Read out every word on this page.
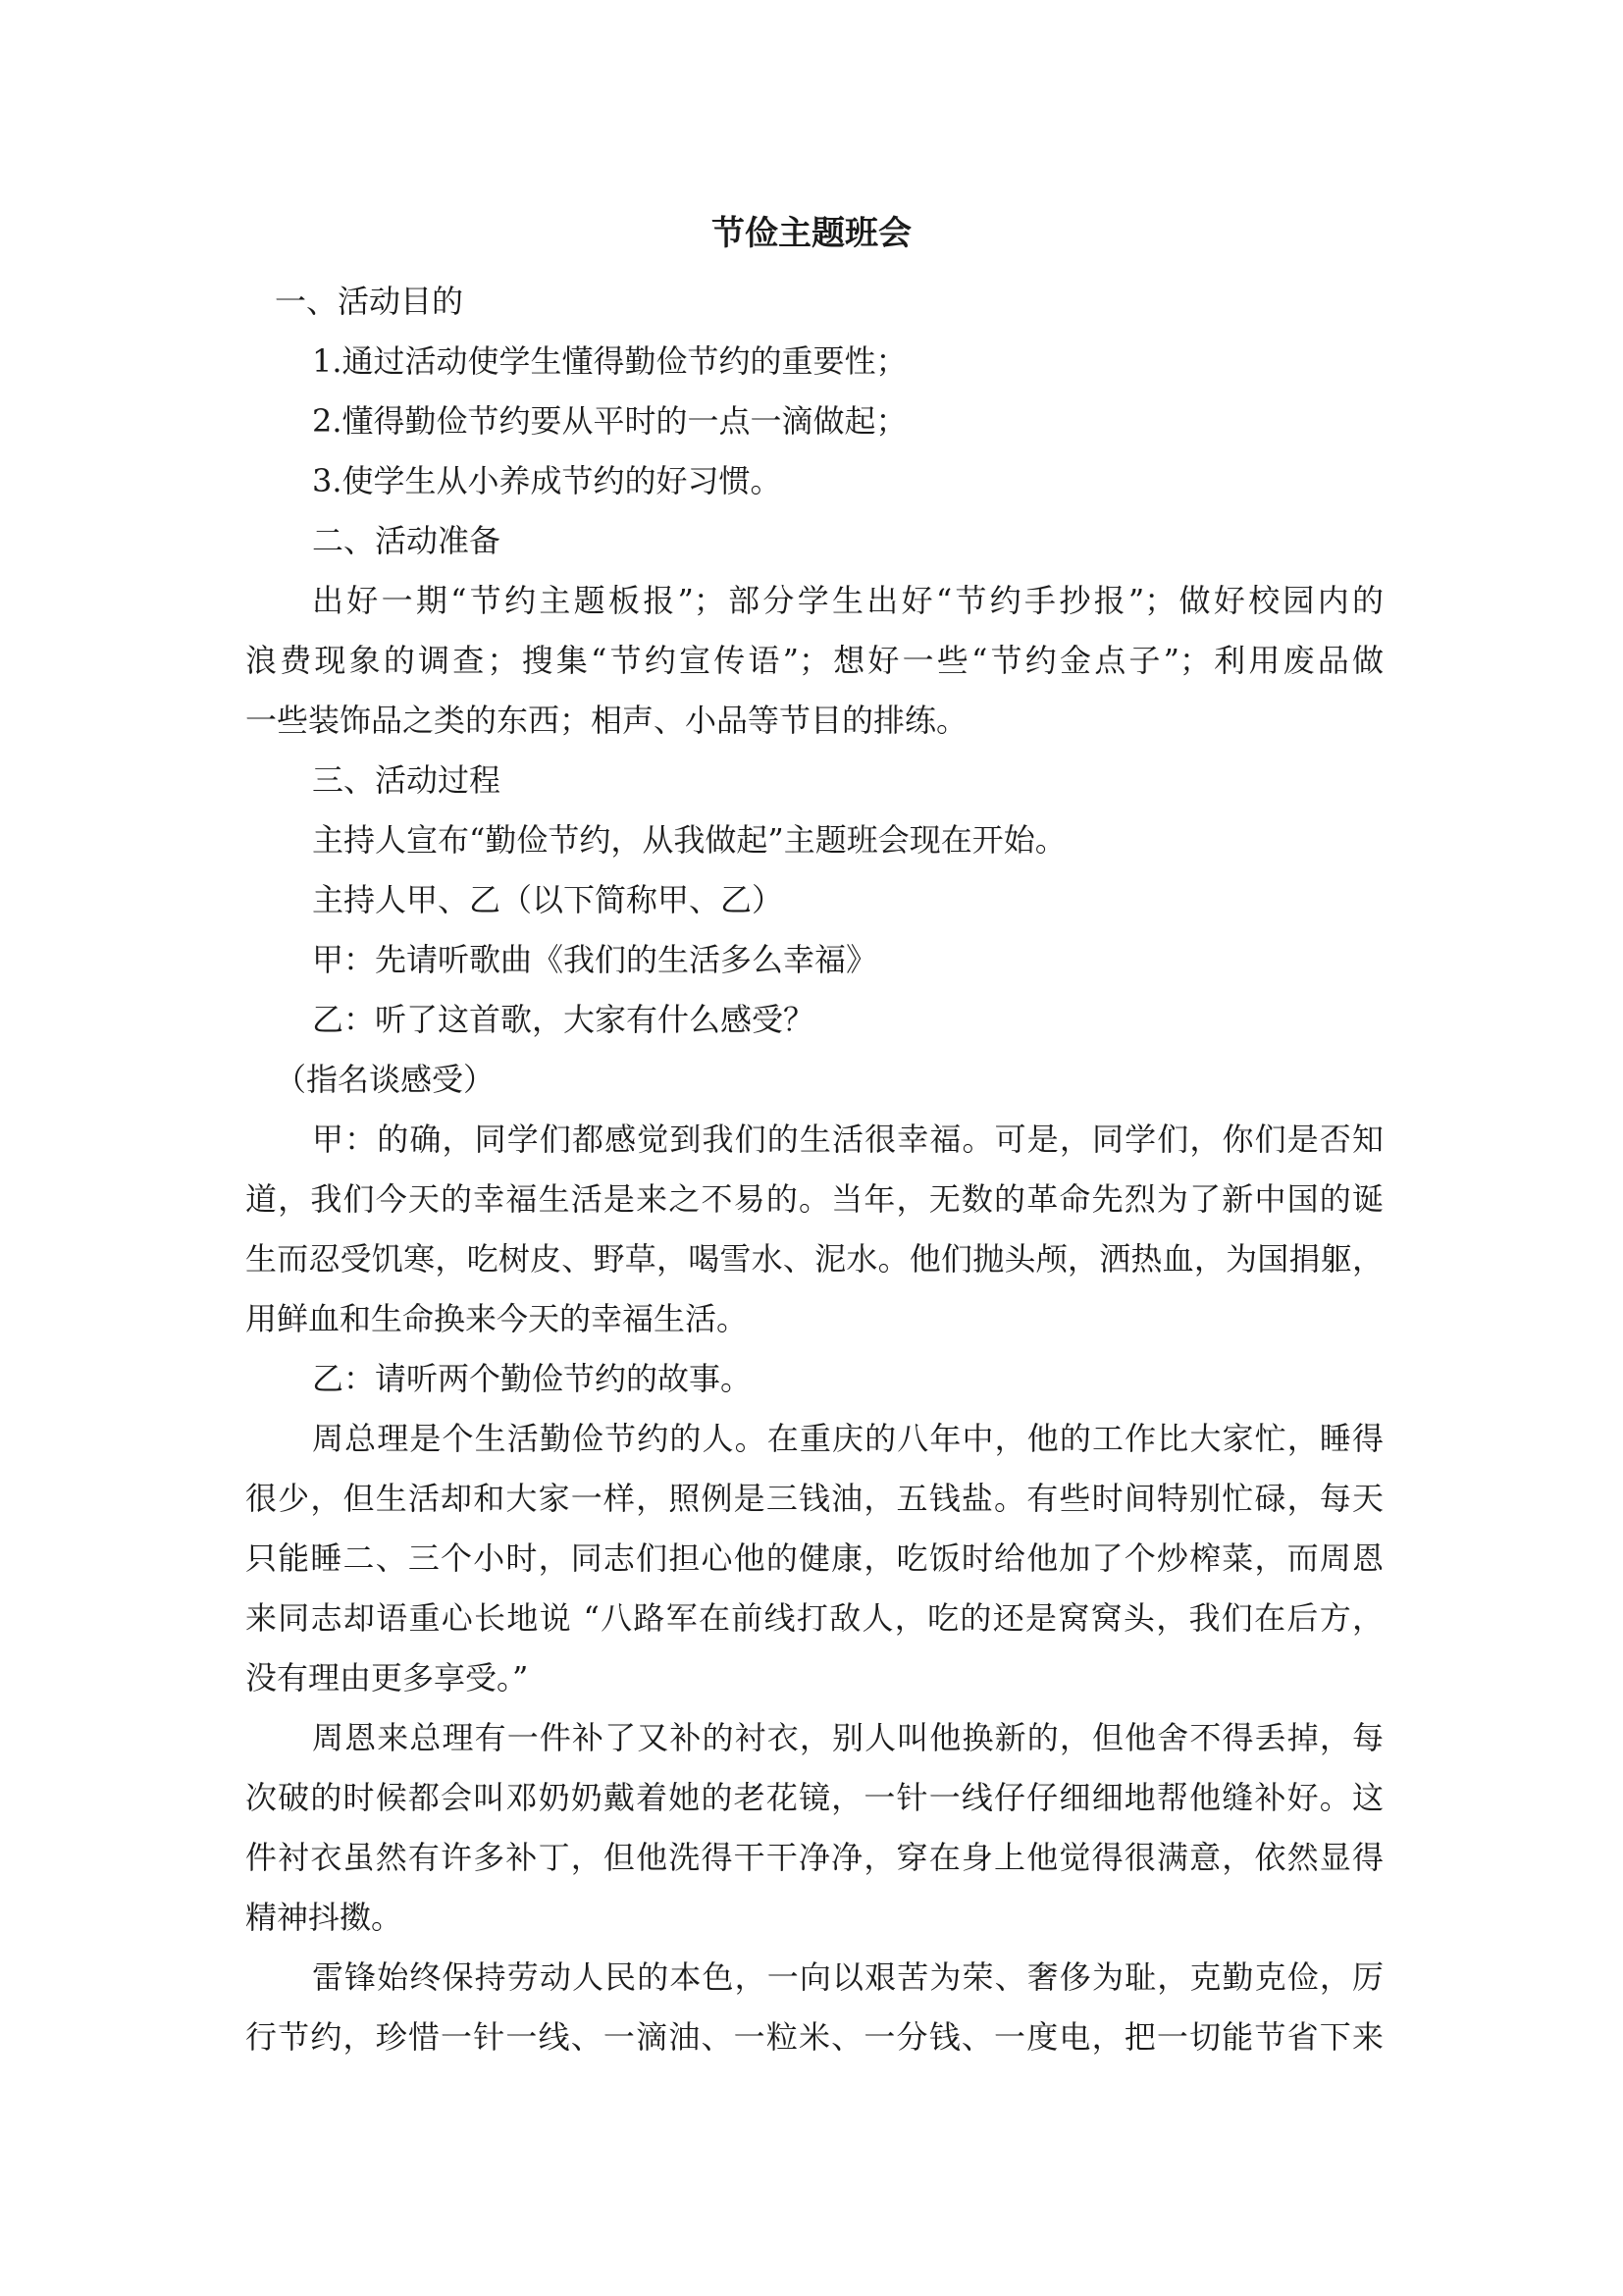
节俭主题班会
一、活动目的
1.通过活动使学生懂得勤俭节约的重要性；
2.懂得勤俭节约要从平时的一点一滴做起；
3.使学生从小养成节约的好习惯。
二、活动准备
出好一期“节约主题板报”；部分学生出好“节约手抄报”；做好校园内的
浪费现象的调查；搜集“节约宣传语”；想好一些“节约金点子”；利用废品做
一些装饰品之类的东西；相声、小品等节目的排练。
三、活动过程
主持人宣布“勤俭节约，从我做起”主题班会现在开始。
主持人甲、乙（以下简称甲、乙）
甲：先请听歌曲《我们的生活多么幸福》
乙：听了这首歌，大家有什么感受？
（指名谈感受）
甲：的确，同学们都感觉到我们的生活很幸福。可是，同学们，你们是否知
道，我们今天的幸福生活是来之不易的。当年，无数的革命先烈为了新中国的诞
生而忍受饥寒，吃树皮、野草，喝雪水、泥水。他们抛头颅，洒热血，为国捐躯，
用鲜血和生命换来今天的幸福生活。
乙：请听两个勤俭节约的故事。
周总理是个生活勤俭节约的人。在重庆的八年中，他的工作比大家忙，睡得
很少，但生活却和大家一样，照例是三钱油，五钱盐。有些时间特别忙碌，每天
只能睡二、三个小时，同志们担心他的健康，吃饭时给他加了个炒榨菜，而周恩
来同志却语重心长地说 “八路军在前线打敌人，吃的还是窝窝头，我们在后方，
没有理由更多享受。”
周恩来总理有一件补了又补的衬衣，别人叫他换新的，但他舍不得丢掉，每
次破的时候都会叫邓奶奶戴着她的老花镜，一针一线仔仔细细地帮他缝补好。这
件衬衣虽然有许多补丁，但他洗得干干净净，穿在身上他觉得很满意，依然显得
精神抖擞。
雷锋始终保持劳动人民的本色，一向以艰苦为荣、奢侈为耻，克勤克俭，厉
行节约，珍惜一针一线、一滴油、一粒米、一分钱、一度电，把一切能节省下来
